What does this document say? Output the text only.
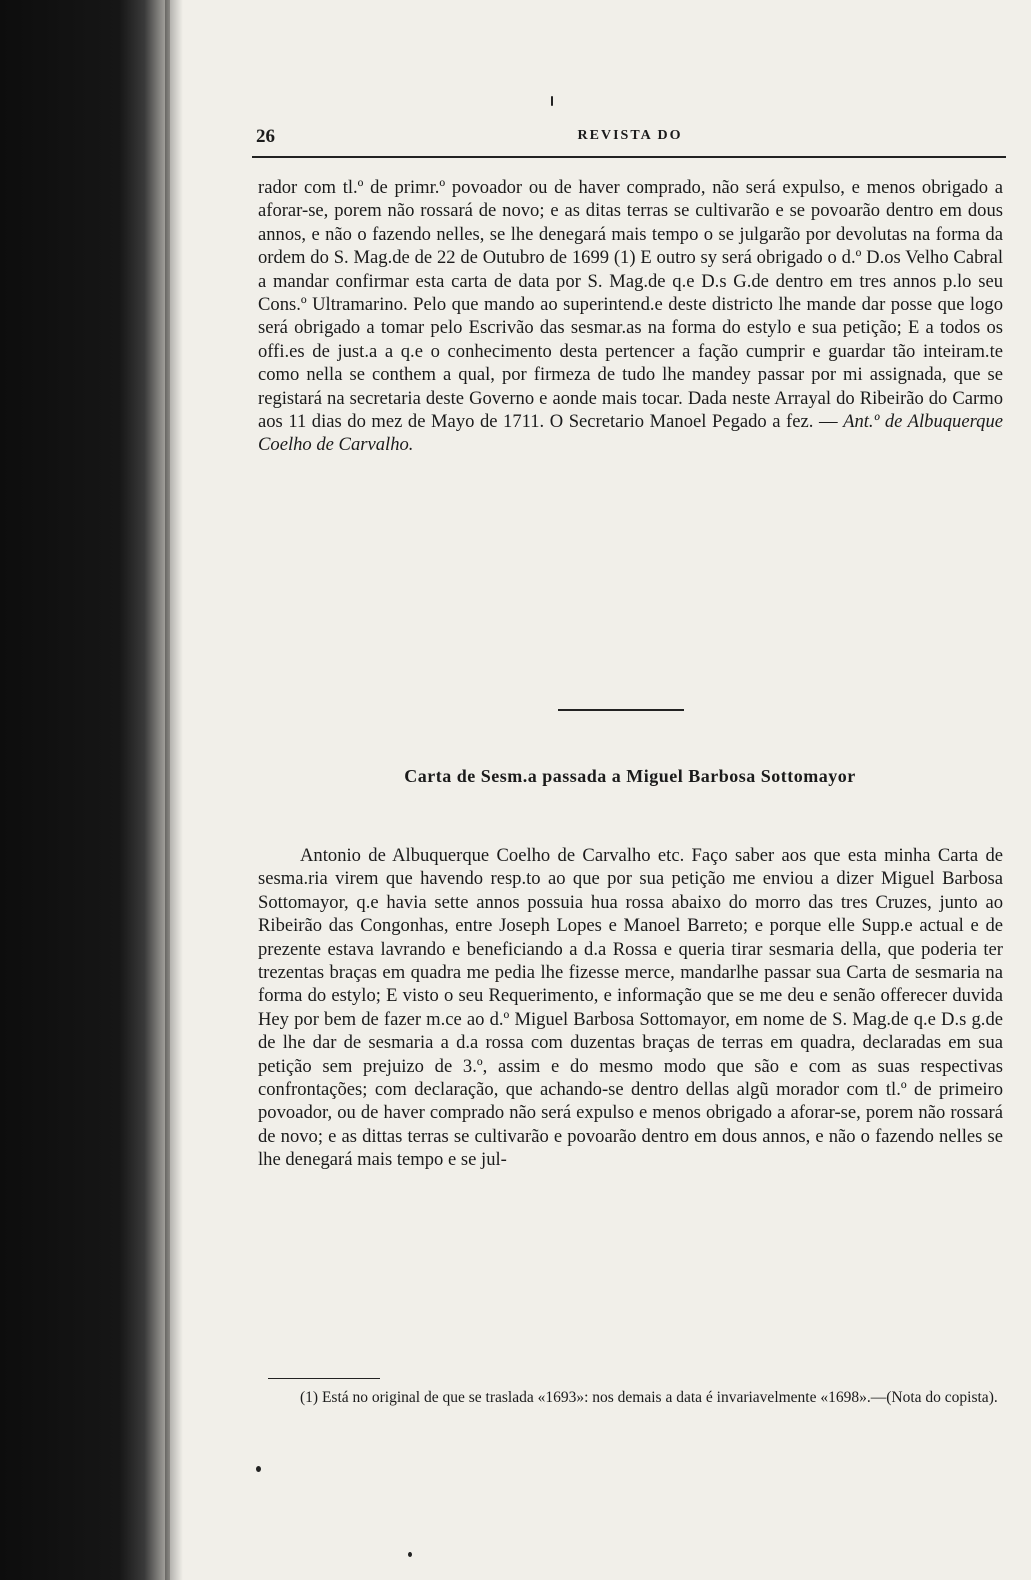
26	REVISTA DO

rador com tl.º de primr.º povoador ou de haver comprado, não será expulso, e menos obrigado a aforar-se, porem não rossará de novo; e as ditas terras se cultivarão e se povoarão dentro em dous annos, e não o fazendo nelles, se lhe denegará mais tempo o se julgarão por devolutas na forma da ordem do S. Mag.de de 22 de Outubro de 1699 (1) E outro sy será obrigado o d.º D.os Velho Cabral a mandar confirmar esta carta de data por S. Mag.de q.e D.s G.de dentro em tres annos p.lo seu Cons.º Ultramarino. Pelo que mando ao superintend.e deste districto lhe mande dar posse que logo será obrigado a tomar pelo Escrivão das sesmar.as na forma do estylo e sua petição; E a todos os offi.es de just.a a q.e o conhecimento desta pertencer a fação cumprir e guardar tão inteiram.te como nella se conthem a qual, por firmeza de tudo lhe mandey passar por mi assignada, que se registará na secretaria deste Governo e aonde mais tocar. Dada neste Arrayal do Ribeirão do Carmo aos 11 dias do mez de Mayo de 1711. O Secretario Manoel Pegado a fez. — Ant.º de Albuquerque Coelho de Carvalho.

Carta de Sesm.a passada a Miguel Barbosa Sottomayor

Antonio de Albuquerque Coelho de Carvalho etc. Faço saber aos que esta minha Carta de sesma.ria virem que havendo resp.to ao que por sua petição me enviou a dizer Miguel Barbosa Sottomayor, q.e havia sette annos possuia hua rossa abaixo do morro das tres Cruzes, junto ao Ribeirão das Congonhas, entre Joseph Lopes e Manoel Barreto; e porque elle Supp.e actual e de prezente estava lavrando e beneficiando a d.a Rossa e queria tirar sesmaria della, que poderia ter trezentas braças em quadra me pedia lhe fizesse merce, mandarlhe passar sua Carta de sesmaria na forma do estylo; E visto o seu Requerimento, e informação que se me deu e senão offerecer duvida Hey por bem de fazer m.ce ao d.º Miguel Barbosa Sottomayor, em nome de S. Mag.de q.e D.s g.de de lhe dar de sesmaria a d.a rossa com duzentas braças de terras em quadra, declaradas em sua petição sem prejuizo de 3.º, assim e do mesmo modo que são e com as suas respectivas confrontações; com declaração, que achando-se dentro dellas algũ morador com tl.º de primeiro povoador, ou de haver comprado não será expulso e menos obrigado a aforar-se, porem não rossará de novo; e as dittas terras se cultivarão e povoarão dentro em dous annos, e não o fazendo nelles se lhe denegará mais tempo e se jul-

(1) Está no original de que se traslada «1693»: nos demais a data é invariavelmente «1698».—(Nota do copista).
